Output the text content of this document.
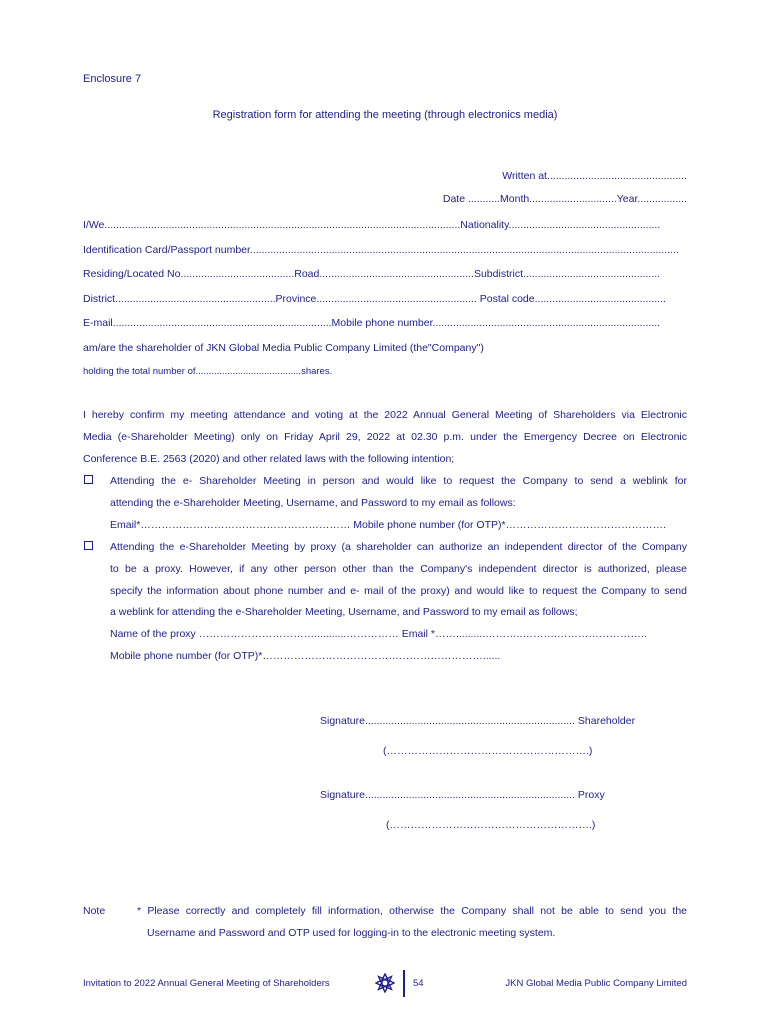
Enclosure 7
Registration form for attending the meeting (through electronics media)
Written at................................................
Date ...........Month..............................Year.................
I/We..........................................................................................................................Nationality....................................................
Identification Card/Passport number...................................................................................................................................................
Residing/Located No.......................................Road.....................................................Subdistrict...............................................
District.......................................................Province....................................................... Postal code.............................................
E-mail...........................................................................Mobile phone number..............................................................................
am/are the shareholder of JKN Global Media Public Company Limited (the"Company")
holding the total number of........................................shares.
I hereby confirm my meeting attendance and voting at the 2022 Annual General Meeting of Shareholders via Electronic
Media (e-Shareholder Meeting) only on Friday April 29, 2022 at 02.30 p.m. under the Emergency Decree on Electronic
Conference B.E. 2563 (2020) and other related laws with the following intention;
Attending the e- Shareholder Meeting in person and would like to request the Company to send a weblink for
attending the e-Shareholder Meeting, Username, and Password to my email as follows:
Email*…………………………………………………… Mobile phone number (for OTP)*……………………………………….
Attending the e-Shareholder Meeting by proxy (a shareholder can authorize an independent director of the Company
to be a proxy. However, if any other person other than the Company's independent director is authorized, please
specify the information about phone number and e- mail of the proxy) and would like to request the Company to send
a weblink for attending the e-Shareholder Meeting, Username, and Password to my email as follows;
Name of the proxy ……………………………...........…………… Email *……..........………..……….……………………..
Mobile phone number (for OTP)*………………………………………………………......
Signature........................................................................ Shareholder
(………………………………………………….)
Signature........................................................................ Proxy
(………………………………………………….)
Note	* Please correctly and completely fill information, otherwise the Company shall not be able to send you the
Username and Password and OTP used for logging-in to the electronic meeting system.
Invitation to 2022 Annual General Meeting of Shareholders	54	JKN Global Media Public Company Limited
